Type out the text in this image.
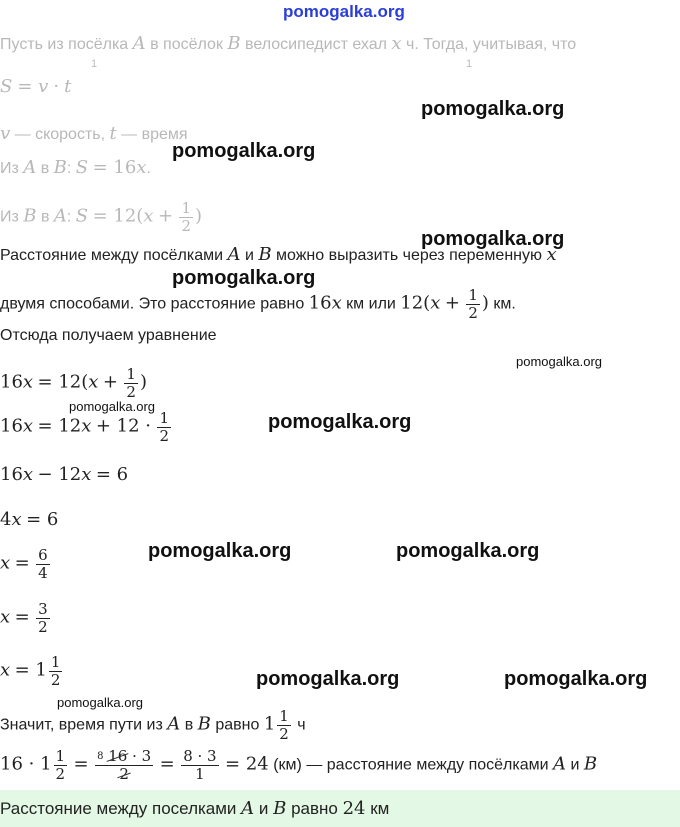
pomogalka.org
Пусть из посёлка A в посёлок B велосипедист ехал x ч. Тогда, учитывая, что
1	1
S = v · t
v — скорость, t — время
Из A в B: S = 16x.
Из B в A: $S = 12(x + \frac{1}{2}$ )
Расстояние между посёлками A и B можно выразить через переменную x
двумя способами. Это расстояние равно 16x км или $12(x + \frac{1}{2}$ ) км.
Отсюда получаем уравнение
$16x = 12(x + \frac{1}{2}$ )
$16x = 12x + 12 \cdot \frac{1}{2}$
16x − 12x = 6
4x = 6
$x = \frac{6}{4}$
$x = \frac{3}{2}$
$x = 1 \frac{1}{2}$
Значит, время пути из A в B равно $1 \frac{1}{2}$ ч
$16 \cdot 1 \frac{1}{2} = \frac{^8 16 \cdot 3}{2} = \frac{8 \cdot 3}{1} = 24$ (км) — расстояние между посёлками A и B
Расстояние между поселками A и B равно 24 км
pomogalka.org
pomogalka.org
pomogalka.org
pomogalka.org
pomogalka.org
pomogalka.org
pomogalka.org
pomogalka.org	pomogalka.org
pomogalka.org	pomogalka.org
pomogalka.org
